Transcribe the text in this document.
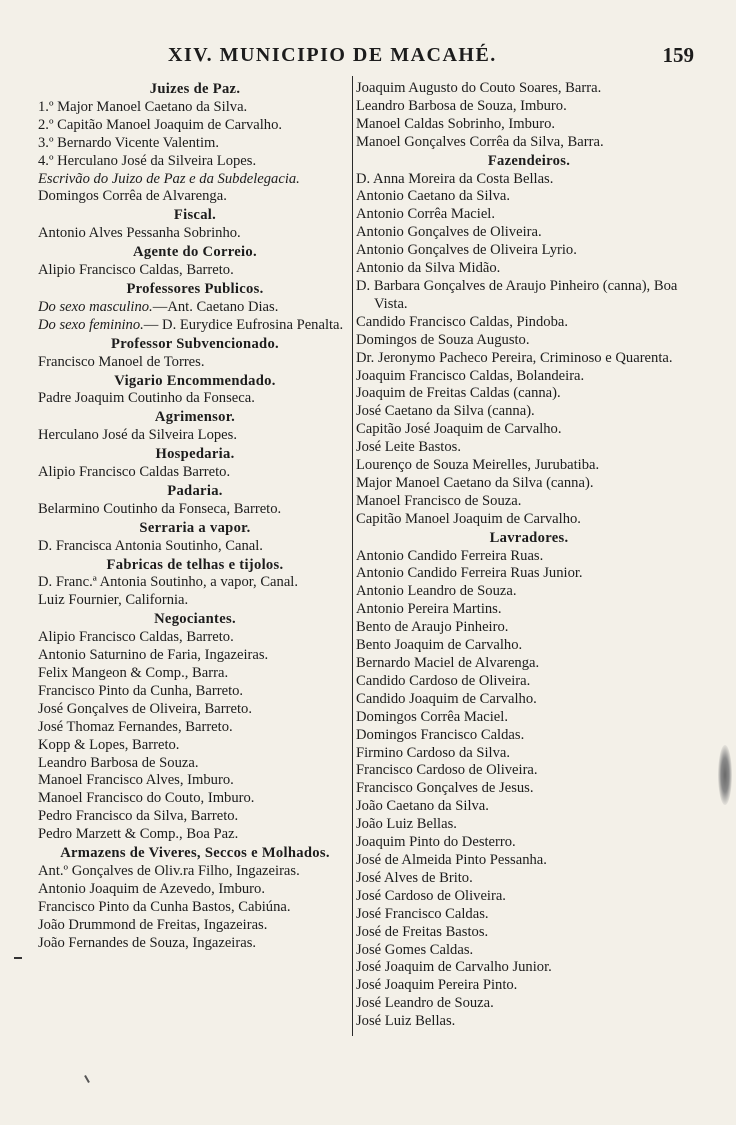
XIV. MUNICIPIO DE MACAHÉ.	159
Juizes de Paz.
1.º Major Manoel Caetano da Silva.
2.º Capitão Manoel Joaquim de Carvalho.
3.º Bernardo Vicente Valentim.
4.º Herculano José da Silveira Lopes.
Escrivão do Juizo de Paz e da Subdelegacia.
Domingos Corrêa de Alvarenga.
Fiscal.
Antonio Alves Pessanha Sobrinho.
Agente do Correio.
Alipio Francisco Caldas, Barreto.
Professores Publicos.
Do sexo masculino.—Ant. Caetano Dias.
Do sexo feminino.— D. Eurydice Eufrosina Penalta.
Professor Subvencionado.
Francisco Manoel de Torres.
Vigario Encommendado.
Padre Joaquim Coutinho da Fonseca.
Agrimensor.
Herculano José da Silveira Lopes.
Hospedaria.
Alipio Francisco Caldas Barreto.
Padaria.
Belarmino Coutinho da Fonseca, Barreto.
Serraria a vapor.
D. Francisca Antonia Soutinho, Canal.
Fabricas de telhas e tijolos.
D. Franc.ª Antonia Soutinho, a vapor, Canal.
Luiz Fournier, California.
Negociantes.
Alipio Francisco Caldas, Barreto.
Antonio Saturnino de Faria, Ingazeiras.
Felix Mangeon & Comp., Barra.
Francisco Pinto da Cunha, Barreto.
José Gonçalves de Oliveira, Barreto.
José Thomaz Fernandes, Barreto.
Kopp & Lopes, Barreto.
Leandro Barbosa de Souza.
Manoel Francisco Alves, Imburo.
Manoel Francisco do Couto, Imburo.
Pedro Francisco da Silva, Barreto.
Pedro Marzett & Comp., Boa Paz.
Armazens de Viveres, Seccos e Molhados.
Ant.º Gonçalves de Oliv.ra Filho, Ingazeiras.
Antonio Joaquim de Azevedo, Imburo.
Francisco Pinto da Cunha Bastos, Cabiúna.
João Drummond de Freitas, Ingazeiras.
João Fernandes de Souza, Ingazeiras.
Joaquim Augusto do Couto Soares, Barra.
Leandro Barbosa de Souza, Imburo.
Manoel Caldas Sobrinho, Imburo.
Manoel Gonçalves Corrêa da Silva, Barra.
Fazendeiros.
D. Anna Moreira da Costa Bellas.
Antonio Caetano da Silva.
Antonio Corrêa Maciel.
Antonio Gonçalves de Oliveira.
Antonio Gonçalves de Oliveira Lyrio.
Antonio da Silva Midão.
D. Barbara Gonçalves de Araujo Pinheiro (canna), Boa Vista.
Candido Francisco Caldas, Pindoba.
Domingos de Souza Augusto.
Dr. Jeronymo Pacheco Pereira, Criminoso e Quarenta.
Joaquim Francisco Caldas, Bolandeira.
Joaquim de Freitas Caldas (canna).
José Caetano da Silva (canna).
Capitão José Joaquim de Carvalho.
José Leite Bastos.
Lourenço de Souza Meirelles, Jurubatiba.
Major Manoel Caetano da Silva (canna).
Manoel Francisco de Souza.
Capitão Manoel Joaquim de Carvalho.
Lavradores.
Antonio Candido Ferreira Ruas.
Antonio Candido Ferreira Ruas Junior.
Antonio Leandro de Souza.
Antonio Pereira Martins.
Bento de Araujo Pinheiro.
Bento Joaquim de Carvalho.
Bernardo Maciel de Alvarenga.
Candido Cardoso de Oliveira.
Candido Joaquim de Carvalho.
Domingos Corrêa Maciel.
Domingos Francisco Caldas.
Firmino Cardoso da Silva.
Francisco Cardoso de Oliveira.
Francisco Gonçalves de Jesus.
João Caetano da Silva.
João Luiz Bellas.
Joaquim Pinto do Desterro.
José de Almeida Pinto Pessanha.
José Alves de Brito.
José Cardoso de Oliveira.
José Francisco Caldas.
José de Freitas Bastos.
José Gomes Caldas.
José Joaquim de Carvalho Junior.
José Joaquim Pereira Pinto.
José Leandro de Souza.
José Luiz Bellas.
